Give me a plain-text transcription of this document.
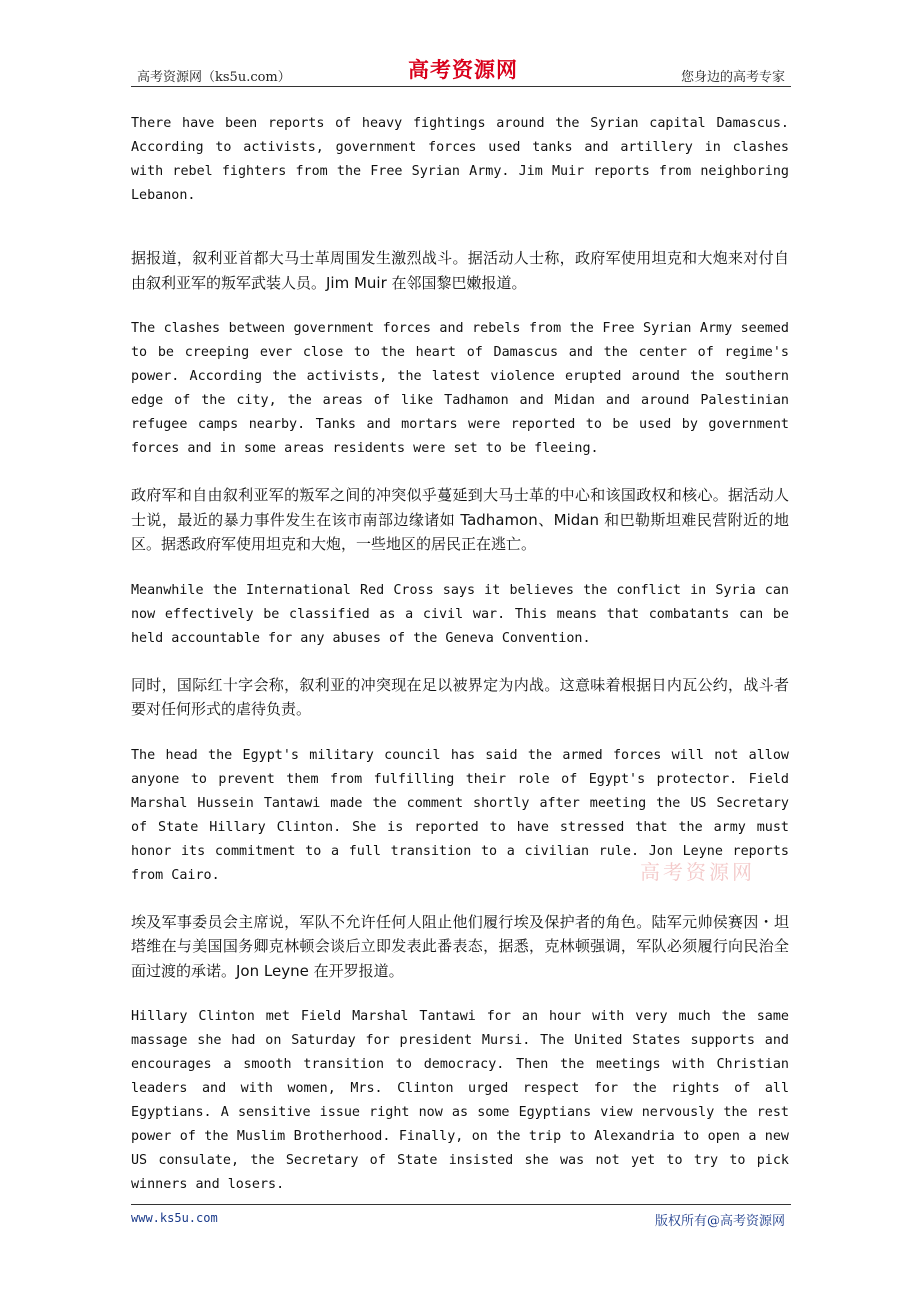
高考资源网（ks5u.com）	高考资源网	您身边的高考专家

There have been reports of heavy fightings around the Syrian capital Damascus. According to activists, government forces used tanks and artillery in clashes with rebel fighters from the Free Syrian Army. Jim Muir reports from neighboring Lebanon.

据报道，叙利亚首都大马士革周围发生激烈战斗。据活动人士称，政府军使用坦克和大炮来对付自由叙利亚军的叛军武装人员。Jim Muir 在邻国黎巴嫩报道。

The clashes between government forces and rebels from the Free Syrian Army seemed to be creeping ever close to the heart of Damascus and the center of regime's power. According the activists, the latest violence erupted around the southern edge of the city, the areas of like Tadhamon and Midan and around Palestinian refugee camps nearby. Tanks and mortars were reported to be used by government forces and in some areas residents were set to be fleeing.

政府军和自由叙利亚军的叛军之间的冲突似乎蔓延到大马士革的中心和该国政权和核心。据活动人士说，最近的暴力事件发生在该市南部边缘诸如 Tadhamon、Midan 和巴勒斯坦难民营附近的地区。据悉政府军使用坦克和大炮，一些地区的居民正在逃亡。

Meanwhile the International Red Cross says it believes the conflict in Syria can now effectively be classified as a civil war. This means that combatants can be held accountable for any abuses of the Geneva Convention.

同时，国际红十字会称，叙利亚的冲突现在足以被界定为内战。这意味着根据日内瓦公约，战斗者要对任何形式的虐待负责。

The head the Egypt's military council has said the armed forces will not allow anyone to prevent them from fulfilling their role of Egypt's protector. Field Marshal Hussein Tantawi made the comment shortly after meeting the US Secretary of State Hillary Clinton. She is reported to have stressed that the army must honor its commitment to a full transition to a civilian rule. Jon Leyne reports from Cairo.

埃及军事委员会主席说，军队不允许任何人阻止他们履行埃及保护者的角色。陆军元帅侯赛因・坦塔维在与美国国务卿克林顿会谈后立即发表此番表态，据悉，克林顿强调，军队必须履行向民治全面过渡的承诺。Jon Leyne 在开罗报道。

Hillary Clinton met Field Marshal Tantawi for an hour with very much the same massage she had on Saturday for president Mursi. The United States supports and encourages a smooth transition to democracy. Then the meetings with Christian leaders and with women, Mrs. Clinton urged respect for the rights of all Egyptians. A sensitive issue right now as some Egyptians view nervously the rest power of the Muslim Brotherhood. Finally, on the trip to Alexandria to open a new US consulate, the Secretary of State insisted she was not yet to try to pick winners and losers.

高考资源网
www.ks5u.com	版权所有@高考资源网
